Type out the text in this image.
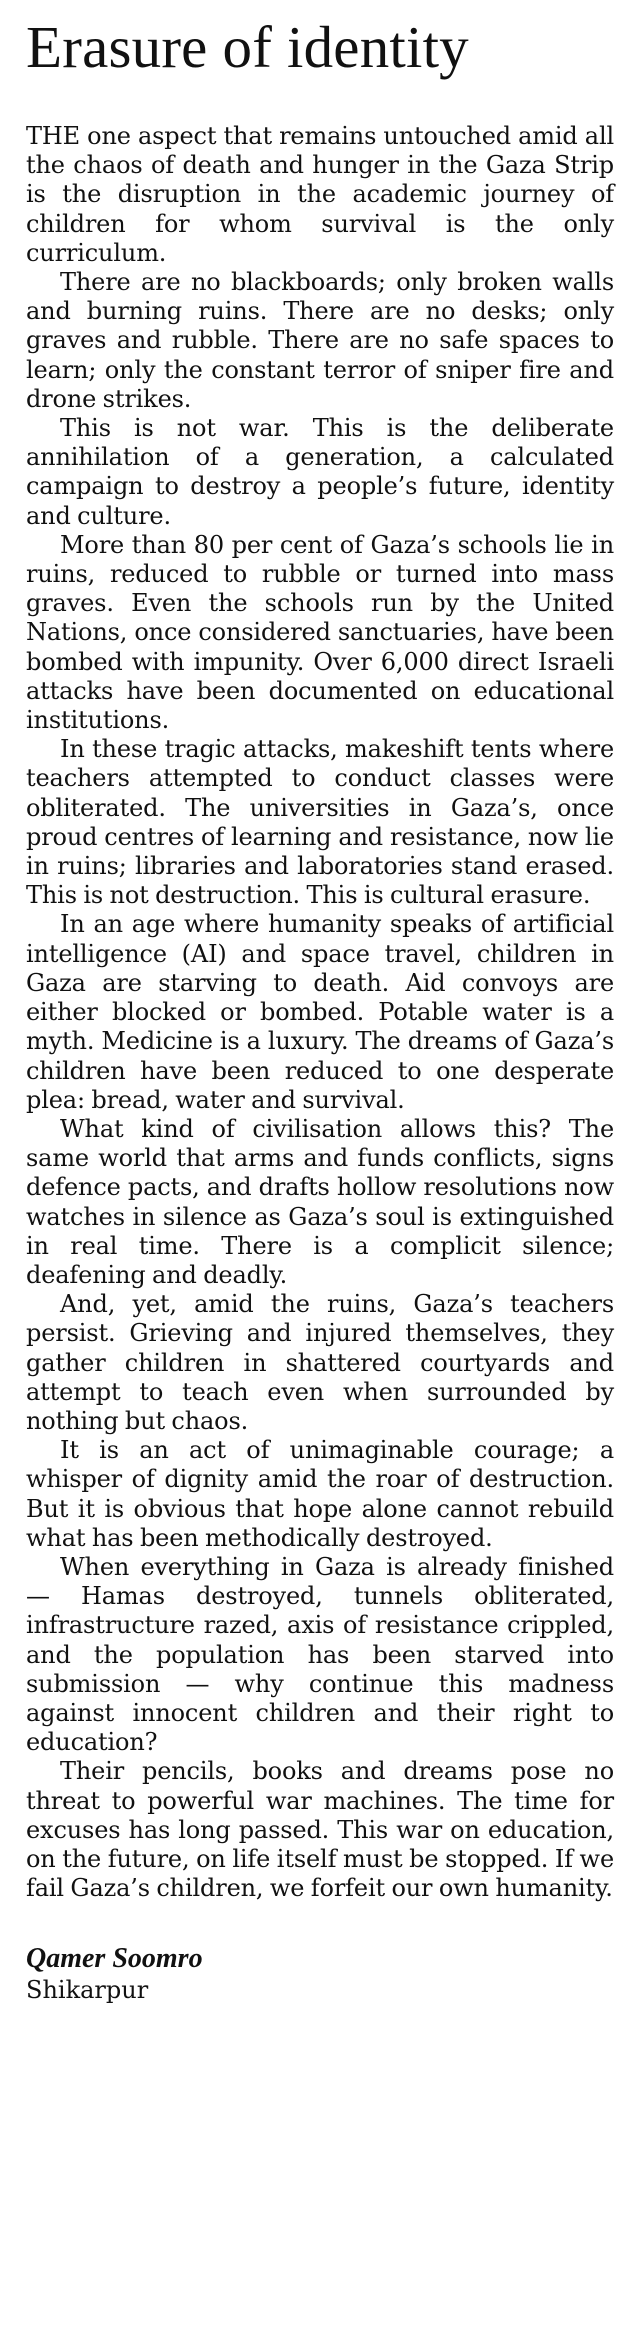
Erasure of identity

THE one aspect that remains untouched amid all the chaos of death and hunger in the Gaza Strip is the disruption in the academic journey of children for whom survival is the only curriculum.

There are no blackboards; only broken walls and burning ruins. There are no desks; only graves and rubble. There are no safe spaces to learn; only the constant terror of sniper fire and drone strikes.

This is not war. This is the deliberate annihilation of a generation, a calculated campaign to destroy a people’s future, identity and culture.

More than 80 per cent of Gaza’s schools lie in ruins, reduced to rubble or turned into mass graves. Even the schools run by the United Nations, once considered sanctuaries, have been bombed with impunity. Over 6,000 direct Israeli attacks have been documented on educational institutions.

In these tragic attacks, makeshift tents where teachers attempted to conduct classes were obliterated. The universities in Gaza’s, once proud centres of learning and resistance, now lie in ruins; libraries and laboratories stand erased. This is not destruction. This is cultural erasure.

In an age where humanity speaks of artificial intelligence (AI) and space travel, children in Gaza are starving to death. Aid convoys are either blocked or bombed. Potable water is a myth. Medicine is a luxury. The dreams of Gaza’s children have been reduced to one desperate plea: bread, water and survival.

What kind of civilisation allows this? The same world that arms and funds conflicts, signs defence pacts, and drafts hollow resolutions now watches in silence as Gaza’s soul is extinguished in real time. There is a complicit silence; deafening and deadly.

And, yet, amid the ruins, Gaza’s teachers persist. Grieving and injured themselves, they gather children in shattered courtyards and attempt to teach even when surrounded by nothing but chaos.

It is an act of unimaginable courage; a whisper of dignity amid the roar of destruction. But it is obvious that hope alone cannot rebuild what has been methodically destroyed.

When everything in Gaza is already finished — Hamas destroyed, tunnels obliterated, infrastructure razed, axis of resistance crippled, and the population has been starved into submission — why continue this madness against innocent children and their right to education?

Their pencils, books and dreams pose no threat to powerful war machines. The time for excuses has long passed. This war on education, on the future, on life itself must be stopped. If we fail Gaza’s children, we forfeit our own humanity.

Qamer Soomro
Shikarpur
